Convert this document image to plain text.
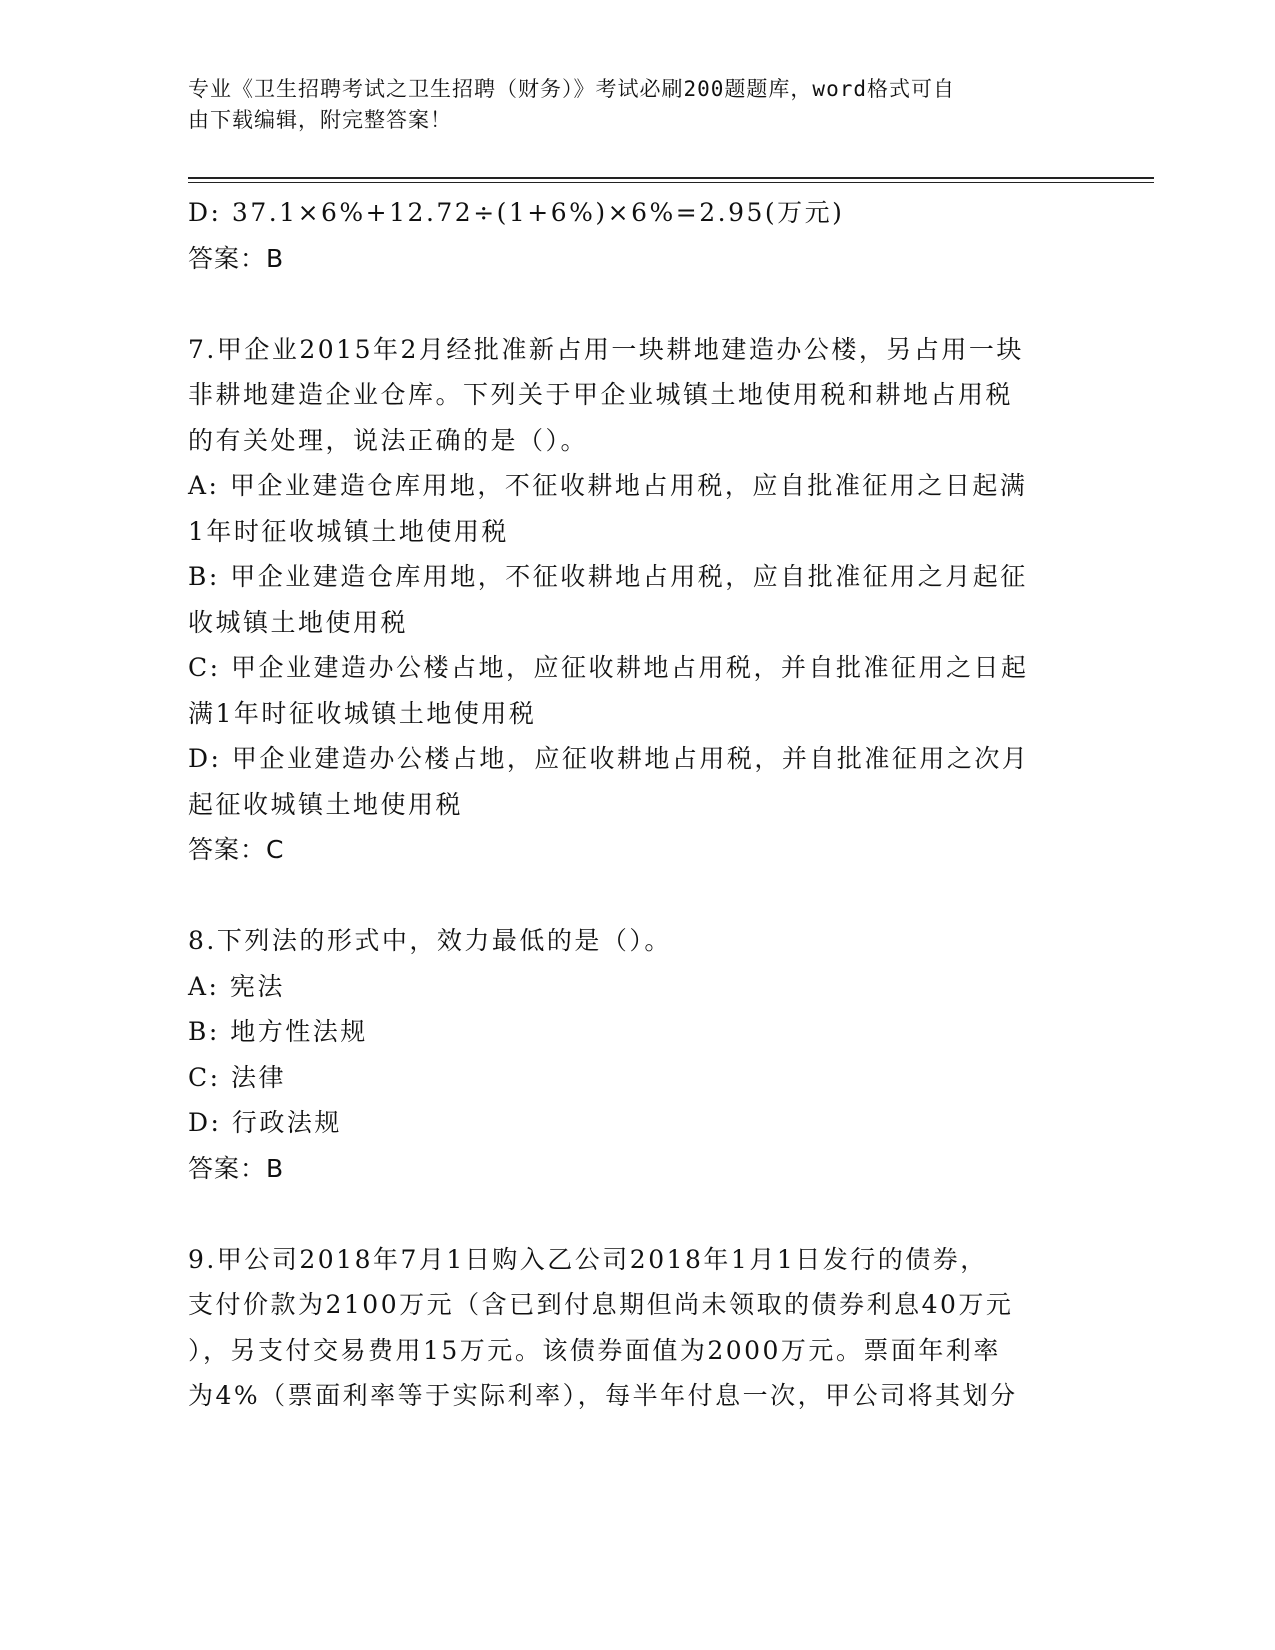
专业《卫生招聘考试之卫生招聘（财务）》考试必刷200题题库，word格式可自
由下载编辑，附完整答案！
D: 37.1×6%+12.72÷(1+6%)×6%=2.95(万元)
答案：B
7.甲企业2015年2月经批准新占用一块耕地建造办公楼，另占用一块
非耕地建造企业仓库。下列关于甲企业城镇土地使用税和耕地占用税
的有关处理，说法正确的是（）。
A: 甲企业建造仓库用地，不征收耕地占用税，应自批准征用之日起满
1年时征收城镇土地使用税
B: 甲企业建造仓库用地，不征收耕地占用税，应自批准征用之月起征
收城镇土地使用税
C: 甲企业建造办公楼占地，应征收耕地占用税，并自批准征用之日起
满1年时征收城镇土地使用税
D: 甲企业建造办公楼占地，应征收耕地占用税，并自批准征用之次月
起征收城镇土地使用税
答案：C
8.下列法的形式中，效力最低的是（）。
A: 宪法
B: 地方性法规
C: 法律
D: 行政法规
答案：B
9.甲公司2018年7月1日购入乙公司2018年1月1日发行的债券，
支付价款为2100万元（含已到付息期但尚未领取的债券利息40万元
），另支付交易费用15万元。该债券面值为2000万元。票面年利率
为4%（票面利率等于实际利率），每半年付息一次，甲公司将其划分
